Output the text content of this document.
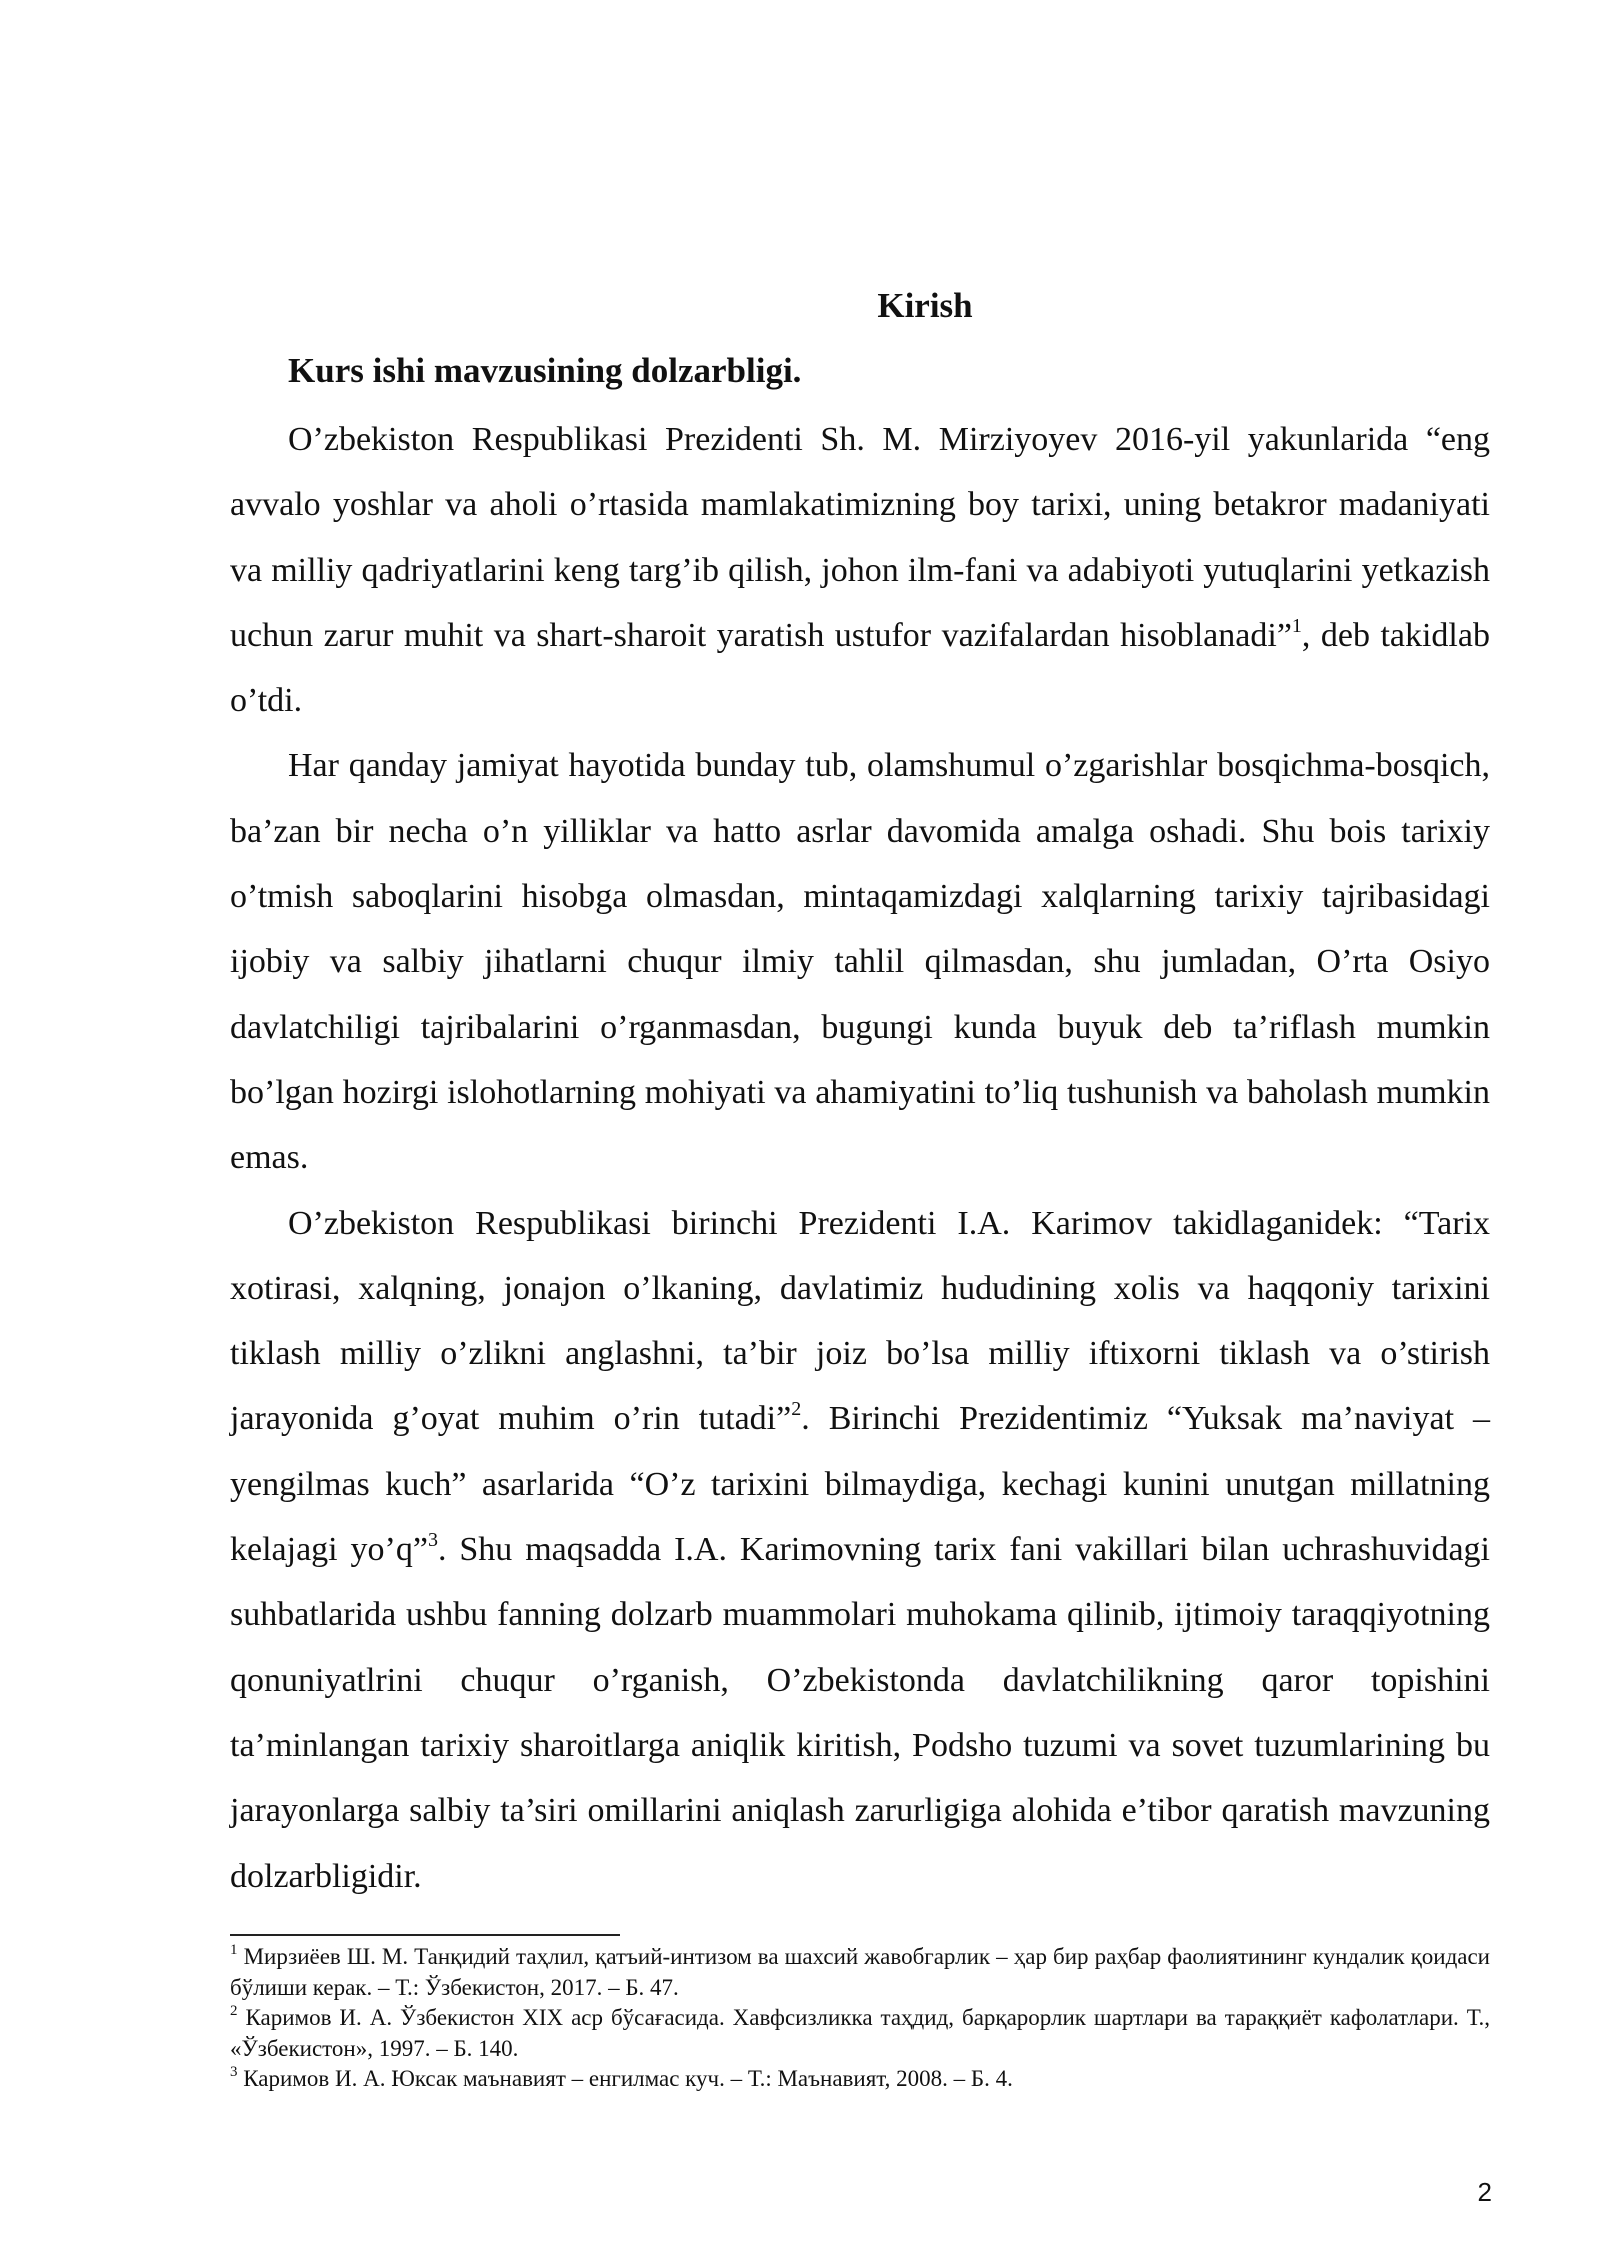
Kirish
Kurs ishi mavzusining dolzarbligi.

O’zbekiston Respublikasi Prezidenti Sh. M. Mirziyoyev 2016-yil yakunlarida “eng avvalo yoshlar va aholi o’rtasida mamlakatimizning boy tarixi, uning betakror madaniyati va milliy qadriyatlarini keng targ’ib qilish, johon ilm-fani va adabiyoti yutuqlarini yetkazish uchun zarur muhit va shart-sharoit yaratish ustufor vazifalardan hisoblanadi”$^1$, deb takidlab o’tdi.

Har qanday jamiyat hayotida bunday tub, olamshumul o’zgarishlar bosqichma-bosqich, ba’zan bir necha o’n yilliklar va hatto asrlar davomida amalga oshadi. Shu bois tarixiy o’tmish saboqlarini hisobga olmasdan, mintaqamizdagi xalqlarning tarixiy tajribasidagi ijobiy va salbiy jihatlarni chuqur ilmiy tahlil qilmasdan, shu jumladan, O’rta Osiyo davlatchiligi tajribalarini o’rganmasdan, bugungi kunda buyuk deb ta’riflash mumkin bo’lgan hozirgi islohotlarning mohiyati va ahamiyatini to’liq tushunish va baholash mumkin emas.

O’zbekiston Respublikasi birinchi Prezidenti I.A. Karimov takidlaganidek: “Tarix xotirasi, xalqning, jonajon o’lkaning, davlatimiz hududining xolis va haqqoniy tarixini tiklash milliy o’zlikni anglashni, ta’bir joiz bo’lsa milliy iftixorni tiklash va o’stirish jarayonida g’oyat muhim o’rin tutadi”$^2$. Birinchi Prezidentimiz “Yuksak ma’naviyat – yengilmas kuch” asarlarida “O’z tarixini bilmaydiga, kechagi kunini unutgan millatning kelajagi yo’q”$^3$. Shu maqsadda I.A. Karimovning tarix fani vakillari bilan uchrashuvidagi suhbatlarida ushbu fanning dolzarb muammolari muhokama qilinib, ijtimoiy taraqqiyotning qonuniyatlrini chuqur o’rganish, O’zbekistonda davlatchilikning qaror topishini ta’minlangan tarixiy sharoitlarga aniqlik kiritish, Podsho tuzumi va sovet tuzumlarining bu jarayonlarga salbiy ta’siri omillarini aniqlash zarurligiga alohida e’tibor qaratish mavzuning dolzarbligidir.

$^1$ Мирзиёев Ш. М. Танқидий таҳлил, қатъий-интизом ва шахсий жавобгарлик – ҳар бир раҳбар фаолиятининг кундалик қоидаси бўлиши керак. – Т.: Ўзбекистон, 2017. – Б. 47.

$^2$ Каримов И. А. Ўзбекистон XIX аср бўсағасида. Хавфсизликка таҳдид, барқарорлик шартлари ва тараққиёт кафолатлари. Т., «Ўзбекистон», 1997. – Б. 140.

$^3$ Каримов И. А. Юксак маънавият – енгилмас куч. – Т.: Маънавият, 2008. – Б. 4.

2
